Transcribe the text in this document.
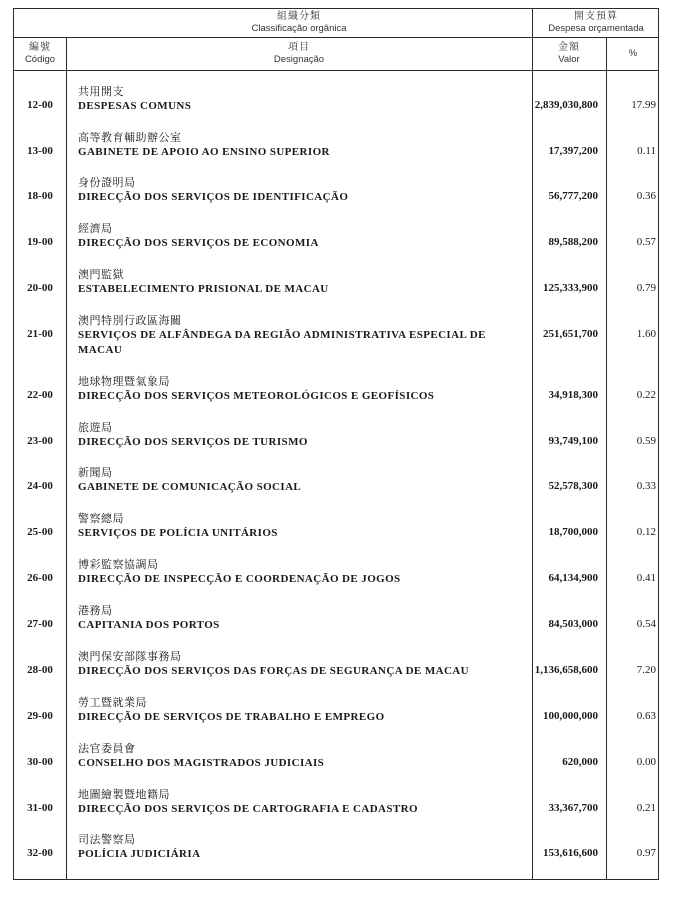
組織分類
Classificação orgânica
開支預算
Despesa orçamentada
編號
Código
項目
Designação
金額
Valor
%
12-00
共用開支
DESPESAS COMUNS	2,839,030,800	17.99
13-00
高等教育輔助辦公室
GABINETE DE APOIO AO ENSINO SUPERIOR	17,397,200	0.11
18-00
身份證明局
DIRECÇÃO DOS SERVIÇOS DE IDENTIFICAÇÃO	56,777,200	0.36
19-00
經濟局
DIRECÇÃO DOS SERVIÇOS DE ECONOMIA	89,588,200	0.57
20-00
澳門監獄
ESTABELECIMENTO PRISIONAL DE MACAU	125,333,900	0.79
21-00
澳門特別行政區海關
SERVIÇOS DE ALFÂNDEGA DA REGIÃO ADMINISTRATIVA ESPECIAL DE
MACAU
251,651,700	1.60
22-00
地球物理暨氣象局
DIRECÇÃO DOS SERVIÇOS METEOROLÓGICOS E GEOFÍSICOS	34,918,300	0.22
23-00
旅遊局
DIRECÇÃO DOS SERVIÇOS DE TURISMO	93,749,100	0.59
24-00
新聞局
GABINETE DE COMUNICAÇÃO SOCIAL	52,578,300	0.33
25-00
警察總局
SERVIÇOS DE POLÍCIA UNITÁRIOS	18,700,000	0.12
26-00
博彩監察協調局
DIRECÇÃO DE INSPECÇÃO E COORDENAÇÃO DE JOGOS	64,134,900	0.41
27-00
港務局
CAPITANIA DOS PORTOS	84,503,000	0.54
28-00
澳門保安部隊事務局
DIRECÇÃO DOS SERVIÇOS DAS FORÇAS DE SEGURANÇA DE MACAU	1,136,658,600	7.20
29-00
勞工暨就業局
DIRECÇÃO DE SERVIÇOS DE TRABALHO E EMPREGO	100,000,000	0.63
30-00
法官委員會
CONSELHO DOS MAGISTRADOS JUDICIAIS	620,000	0.00
31-00
地圖繪製暨地籍局
DIRECÇÃO DOS SERVIÇOS DE CARTOGRAFIA E CADASTRO	33,367,700	0.21
32-00
司法警察局
POLÍCIA JUDICIÁRIA	153,616,600	0.97
